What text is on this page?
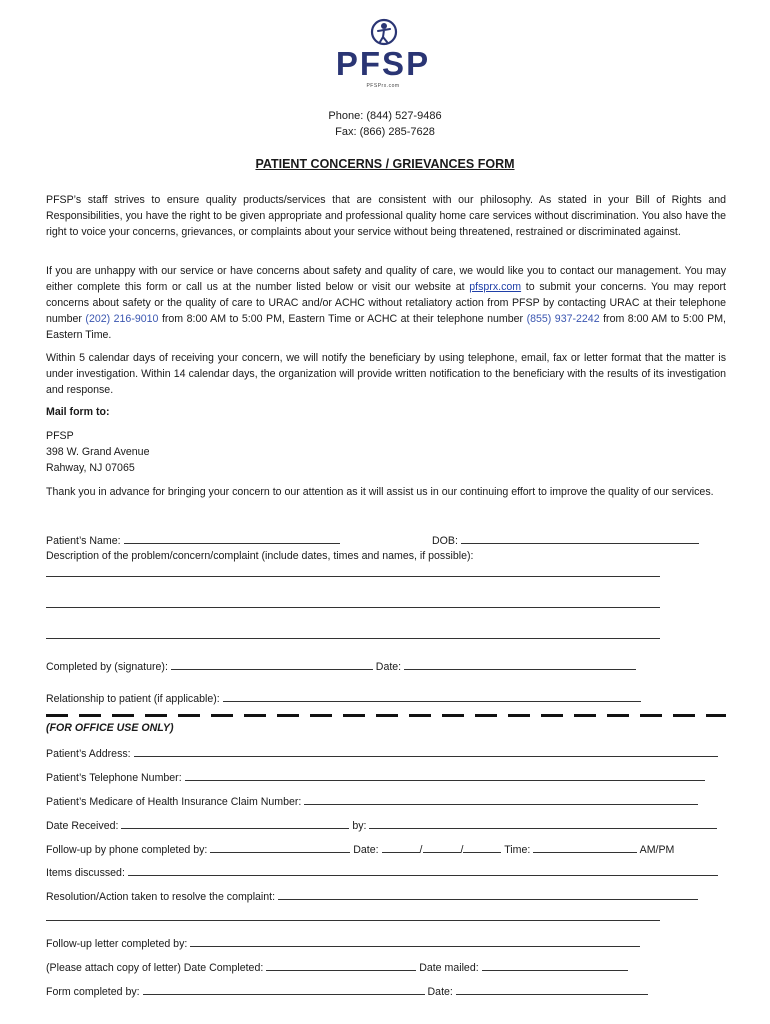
PFSP
PFSPrx.com
Phone: (844) 527-9486
Fax: (866) 285-7628
PATIENT CONCERNS / GRIEVANCES FORM
PFSP’s staff strives to ensure quality products/services that are consistent with our philosophy. As stated in your Bill of Rights and Responsibilities, you have the right to be given appropriate and professional quality home care services without discrimination. You also have the right to voice your concerns, grievances, or complaints about your service without being threatened, restrained or discriminated against.
If you are unhappy with our service or have concerns about safety and quality of care, we would like you to contact our management. You may either complete this form or call us at the number listed below or visit our website at pfsprx.com to submit your concerns. You may report concerns about safety or the quality of care to URAC and/or ACHC without retaliatory action from PFSP by contacting URAC at their telephone number (202) 216-9010 from 8:00 AM to 5:00 PM, Eastern Time or ACHC at their telephone number (855) 937-2242 from 8:00 AM to 5:00 PM, Eastern Time.
Within 5 calendar days of receiving your concern, we will notify the beneficiary by using telephone, email, fax or letter format that the matter is under investigation. Within 14 calendar days, the organization will provide written notification to the beneficiary with the results of its investigation and response.
Mail form to:
PFSP
398 W. Grand Avenue
Rahway, NJ 07065
Thank you in advance for bringing your concern to our attention as it will assist us in our continuing effort to improve the quality of our services.
Patient’s Name:	DOB:
Description of the problem/concern/complaint (include dates, times and names, if possible):
Completed by (signature):	Date:
Relationship to patient (if applicable):
(FOR OFFICE USE ONLY)
Patient’s Address:
Patient’s Telephone Number:
Patient’s Medicare of Health Insurance Claim Number:
Date Received:	by:
Follow-up by phone completed by:	Date:	/	/	Time:	AM/PM
Items discussed:
Resolution/Action taken to resolve the complaint:
Follow-up letter completed by:
(Please attach copy of letter) Date Completed:	Date mailed:
Form completed by:	Date:
